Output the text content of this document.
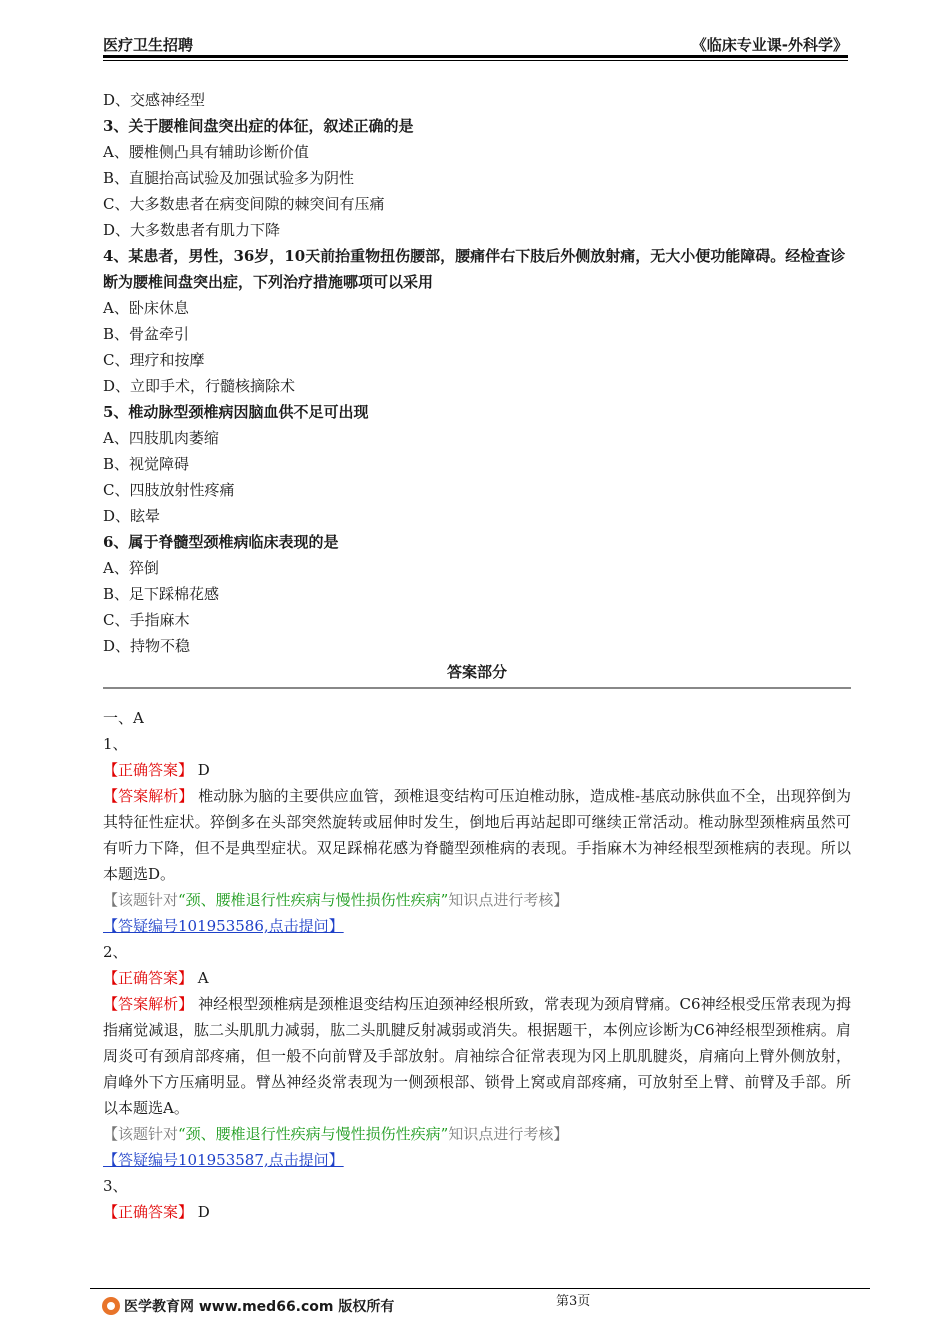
医疗卫生招聘	《临床专业课-外科学》
D、交感神经型
3、关于腰椎间盘突出症的体征，叙述正确的是
A、腰椎侧凸具有辅助诊断价值
B、直腿抬高试验及加强试验多为阴性
C、大多数患者在病变间隙的棘突间有压痛
D、大多数患者有肌力下降
4、某患者，男性，36岁，10天前抬重物扭伤腰部，腰痛伴右下肢后外侧放射痛，无大小便功能障碍。经检查诊断为腰椎间盘突出症，下列治疗措施哪项可以采用
A、卧床休息
B、骨盆牵引
C、理疗和按摩
D、立即手术，行髓核摘除术
5、椎动脉型颈椎病因脑血供不足可出现
A、四肢肌肉萎缩
B、视觉障碍
C、四肢放射性疼痛
D、眩晕
6、属于脊髓型颈椎病临床表现的是
A、猝倒
B、足下踩棉花感
C、手指麻木
D、持物不稳
答案部分
一、A
1、
【正确答案】 D
【答案解析】 椎动脉为脑的主要供应血管，颈椎退变结构可压迫椎动脉，造成椎-基底动脉供血不全，出现猝倒为其特征性症状。猝倒多在头部突然旋转或屈伸时发生，倒地后再站起即可继续正常活动。椎动脉型颈椎病虽然可有听力下降，但不是典型症状。双足踩棉花感为脊髓型颈椎病的表现。手指麻木为神经根型颈椎病的表现。所以本题选D。
【该题针对“颈、腰椎退行性疾病与慢性损伤性疾病”知识点进行考核】
【答疑编号101953586,点击提问】
2、
【正确答案】 A
【答案解析】 神经根型颈椎病是颈椎退变结构压迫颈神经根所致，常表现为颈肩臂痛。C6神经根受压常表现为拇指痛觉减退，肱二头肌肌力减弱，肱二头肌腱反射减弱或消失。根据题干，本例应诊断为C6神经根型颈椎病。肩周炎可有颈肩部疼痛，但一般不向前臂及手部放射。肩袖综合征常表现为冈上肌肌腱炎，肩痛向上臂外侧放射，肩峰外下方压痛明显。臂丛神经炎常表现为一侧颈根部、锁骨上窝或肩部疼痛，可放射至上臂、前臂及手部。所以本题选A。
【该题针对“颈、腰椎退行性疾病与慢性损伤性疾病”知识点进行考核】
【答疑编号101953587,点击提问】
3、
【正确答案】 D
第3页
医学教育网 www.med66.com 版权所有
